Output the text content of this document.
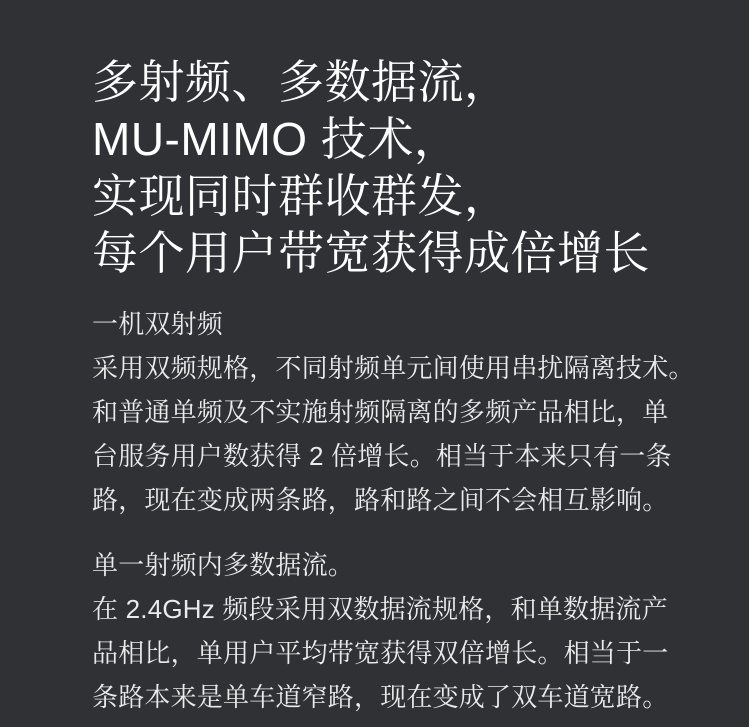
多射频、多数据流，
MU-MIMO 技术，
实现同时群收群发，
每个用户带宽获得成倍增长
一机双射频
采用双频规格，不同射频单元间使用串扰隔离技术。
和普通单频及不实施射频隔离的多频产品相比，单
台服务用户数获得 2 倍增长。相当于本来只有一条
路，现在变成两条路，路和路之间不会相互影响。
单一射频内多数据流。
在 2.4GHz 频段采用双数据流规格，和单数据流产
品相比，单用户平均带宽获得双倍增长。相当于一
条路本来是单车道窄路，现在变成了双车道宽路。
